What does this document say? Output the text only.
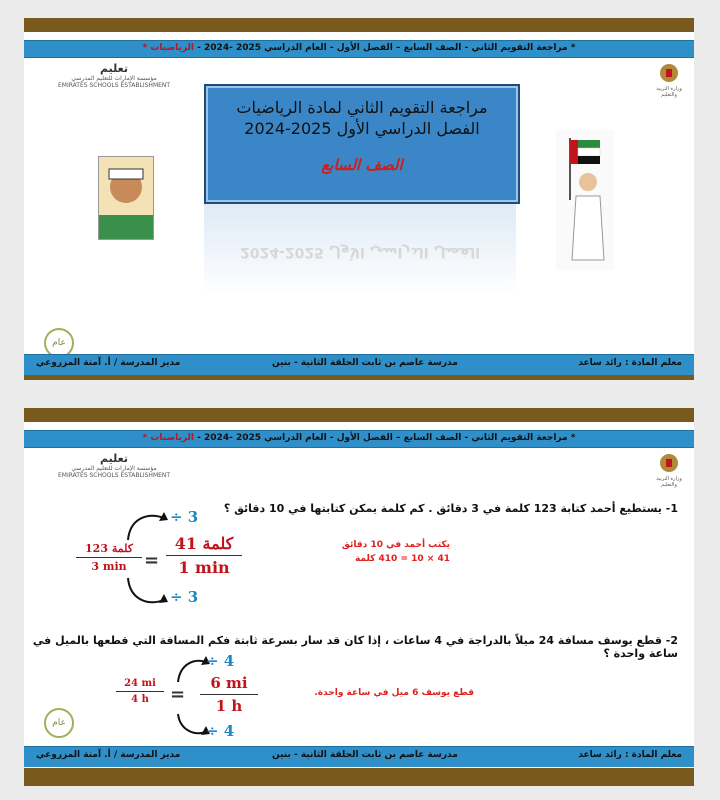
* مراجعة التقويم الثاني - الصف السابع – الفصل الأول - العام الدراسي 2025 -2024 - الرياضيات *
تعليم
مؤسسة الإمارات للتعليم المدرسي
EMIRATES SCHOOLS ESTABLISHMENT	وزارة التربية والتعليم
مراجعة التقويم الثاني لمادة الرياضيات
الفصل الدراسي الأول 2025-2024
الصف السابع
2024-2025 الفصل الدراسي الأول
عام
معلم المادة : رائد ساعد
مدرسة عاصم بن ثابت الحلقة الثانية - بنين
مدير المدرسة / أ. آمنة المزروعي
* مراجعة التقويم الثاني - الصف السابع – الفصل الأول - العام الدراسي 2025 -2024 - الرياضيات *
تعليم
مؤسسة الإمارات للتعليم المدرسي
EMIRATES SCHOOLS ESTABLISHMENT	وزارة التربية والتعليم
1- يستطيع أحمد كتابة 123 كلمة في 3 دقائق . كم كلمة يمكن كتابتها في 10 دقائق ؟
÷ 3
÷ 3
123 كلمة
3 min =
41 كلمة
1 min
يكتب أحمد في 10 دقائق
41 × 10 = 410 كلمة
2- قطع يوسف مسافة 24 ميلاً بالدراجة في 4 ساعات ، إذا كان قد سار بسرعة ثابتة فكم المسافة التي قطعها بالميل في ساعة واحدة ؟
÷ 4
÷ 4
24 mi
4 h	=
6 mi
1 h
قطع يوسف 6 ميل في ساعة واحدة.
عام
معلم المادة : رائد ساعد
مدرسة عاصم بن ثابت الحلقة الثانية - بنين
مدير المدرسة / أ. آمنة المزروعي
